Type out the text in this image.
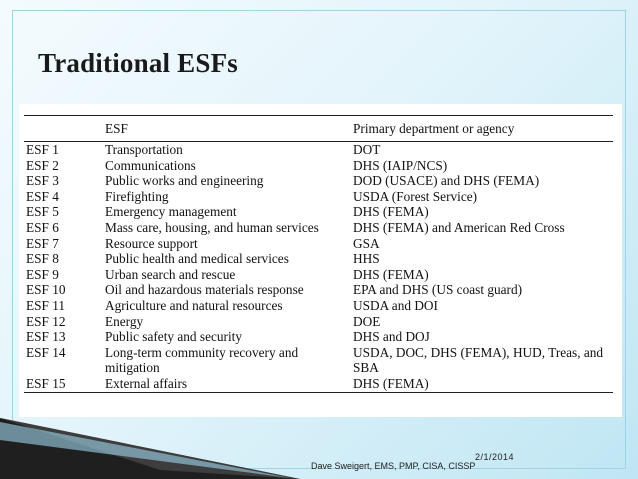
Traditional ESFs
	ESF	Primary department or agency
ESF 1	Transportation	DOT
ESF 2	Communications	DHS (IAIP/NCS)
ESF 3	Public works and engineering	DOD (USACE) and DHS (FEMA)
ESF 4	Firefighting	USDA (Forest Service)
ESF 5	Emergency management	DHS (FEMA)
ESF 6	Mass care, housing, and human services	DHS (FEMA) and American Red Cross
ESF 7	Resource support	GSA
ESF 8	Public health and medical services	HHS
ESF 9	Urban search and rescue	DHS (FEMA)
ESF 10	Oil and hazardous materials response	EPA and DHS (US coast guard)
ESF 11	Agriculture and natural resources	USDA and DOI
ESF 12	Energy	DOE
ESF 13	Public safety and security	DHS and DOJ
ESF 14	Long-term community recovery and mitigation	USDA, DOC, DHS (FEMA), HUD, Treas, and SBA
ESF 15	External affairs	DHS (FEMA)
Dave Sweigert, EMS, PMP, CISA, CISSP
2/1/2014
